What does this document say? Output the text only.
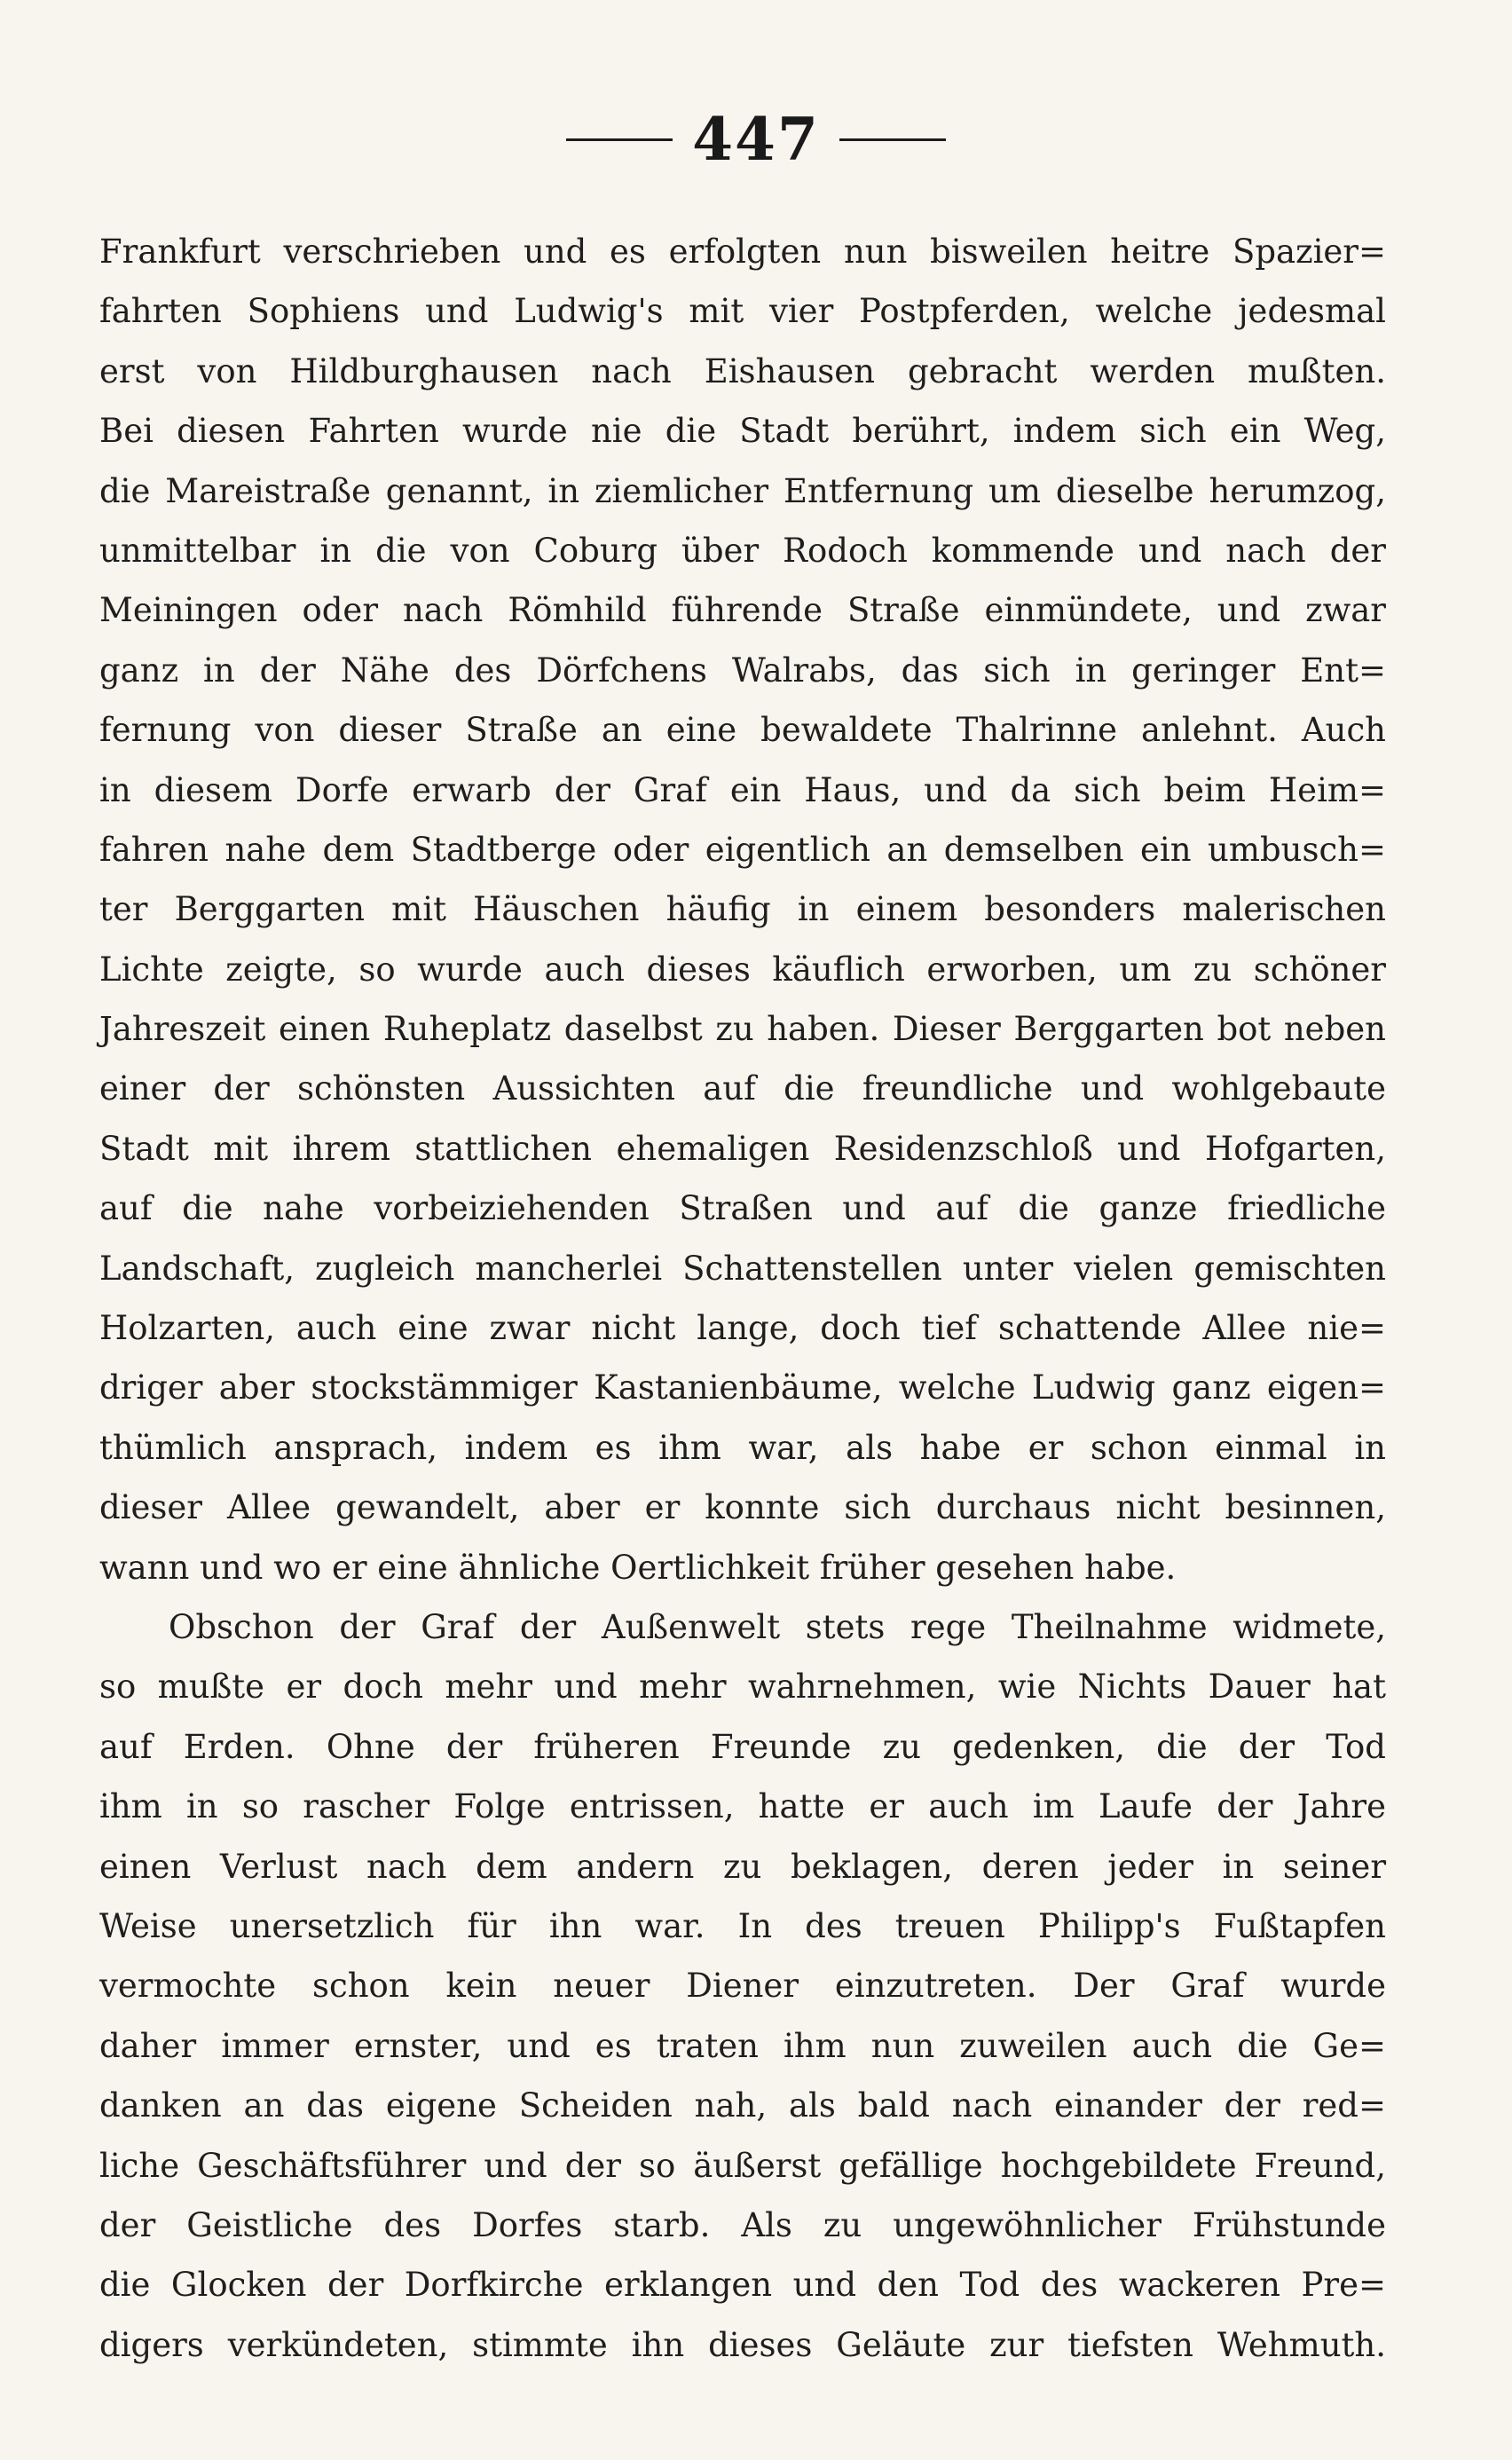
447
Frankfurt verschrieben und es erfolgten nun bisweilen heitre Spazier=
fahrten Sophiens und Ludwig's mit vier Postpferden, welche jedesmal
erst von Hildburghausen nach Eishausen gebracht werden mußten.
Bei diesen Fahrten wurde nie die Stadt berührt, indem sich ein Weg,
die Mareistraße genannt, in ziemlicher Entfernung um dieselbe herumzog,
unmittelbar in die von Coburg über Rodoch kommende und nach der
Meiningen oder nach Römhild führende Straße einmündete, und zwar
ganz in der Nähe des Dörfchens Walrabs, das sich in geringer Ent=
fernung von dieser Straße an eine bewaldete Thalrinne anlehnt. Auch
in diesem Dorfe erwarb der Graf ein Haus, und da sich beim Heim=
fahren nahe dem Stadtberge oder eigentlich an demselben ein umbusch=
ter Berggarten mit Häuschen häufig in einem besonders malerischen
Lichte zeigte, so wurde auch dieses käuflich erworben, um zu schöner
Jahreszeit einen Ruheplatz daselbst zu haben. Dieser Berggarten bot neben
einer der schönsten Aussichten auf die freundliche und wohlgebaute
Stadt mit ihrem stattlichen ehemaligen Residenzschloß und Hofgarten,
auf die nahe vorbeiziehenden Straßen und auf die ganze friedliche
Landschaft, zugleich mancherlei Schattenstellen unter vielen gemischten
Holzarten, auch eine zwar nicht lange, doch tief schattende Allee nie=
driger aber stockstämmiger Kastanienbäume, welche Ludwig ganz eigen=
thümlich ansprach, indem es ihm war, als habe er schon einmal in
dieser Allee gewandelt, aber er konnte sich durchaus nicht besinnen,
wann und wo er eine ähnliche Oertlichkeit früher gesehen habe.
Obschon der Graf der Außenwelt stets rege Theilnahme widmete,
so mußte er doch mehr und mehr wahrnehmen, wie Nichts Dauer hat
auf Erden. Ohne der früheren Freunde zu gedenken, die der Tod
ihm in so rascher Folge entrissen, hatte er auch im Laufe der Jahre
einen Verlust nach dem andern zu beklagen, deren jeder in seiner
Weise unersetzlich für ihn war. In des treuen Philipp's Fußtapfen
vermochte schon kein neuer Diener einzutreten. Der Graf wurde
daher immer ernster, und es traten ihm nun zuweilen auch die Ge=
danken an das eigene Scheiden nah, als bald nach einander der red=
liche Geschäftsführer und der so äußerst gefällige hochgebildete Freund,
der Geistliche des Dorfes starb. Als zu ungewöhnlicher Frühstunde
die Glocken der Dorfkirche erklangen und den Tod des wackeren Pre=
digers verkündeten, stimmte ihn dieses Geläute zur tiefsten Wehmuth.
